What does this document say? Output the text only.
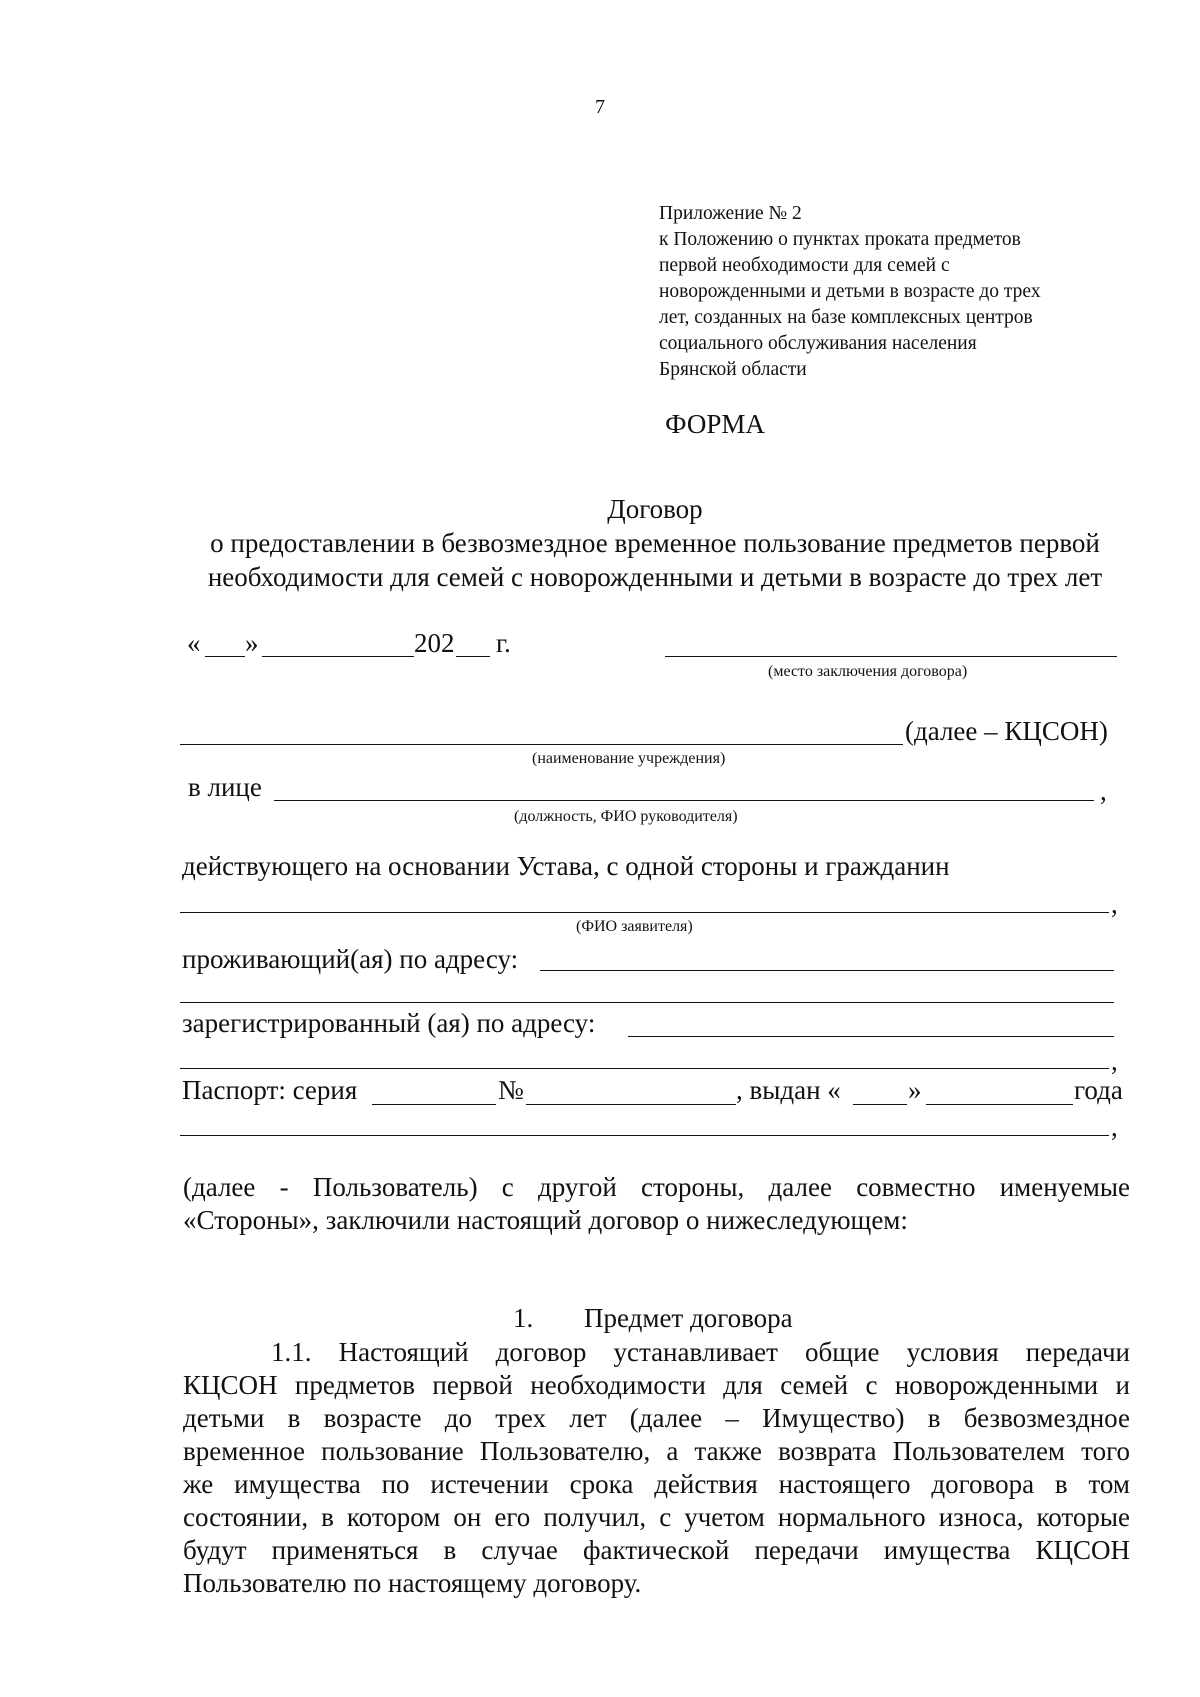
7
Приложение № 2
к Положению о пунктах проката предметов
первой необходимости для семей с
новорожденными и детьми в возрасте до трех
лет, созданных на базе комплексных центров
социального обслуживания населения
Брянской области
ФОРМА
Договор
о предоставлении в безвозмездное временное пользование предметов первой
необходимости для семей с новорожденными и детьми в возрасте до трех лет
« »	202 г.
(место заключения договора)
(далее – КЦСОН)
(наименование учреждения)
в лице	,
(должность, ФИО руководителя)
действующего на основании Устава, с одной стороны и гражданин
,
(ФИО заявителя)
проживающий(ая) по адресу:
зарегистрированный (ая) по адресу:
,
Паспорт: серия	№	, выдан « »	года
,
(далее - Пользователь) с другой стороны, далее совместно именуемые
«Стороны», заключили настоящий договор о нижеследующем:
1. Предмет договора
1.1. Настоящий договор устанавливает общие условия передачи
КЦСОН предметов первой необходимости для семей с новорожденными и
детьми в возрасте до трех лет (далее – Имущество) в безвозмездное
временное пользование Пользователю, а также возврата Пользователем того
же имущества по истечении срока действия настоящего договора в том
состоянии, в котором он его получил, с учетом нормального износа, которые
будут применяться в случае фактической передачи имущества КЦСОН
Пользователю по настоящему договору.
